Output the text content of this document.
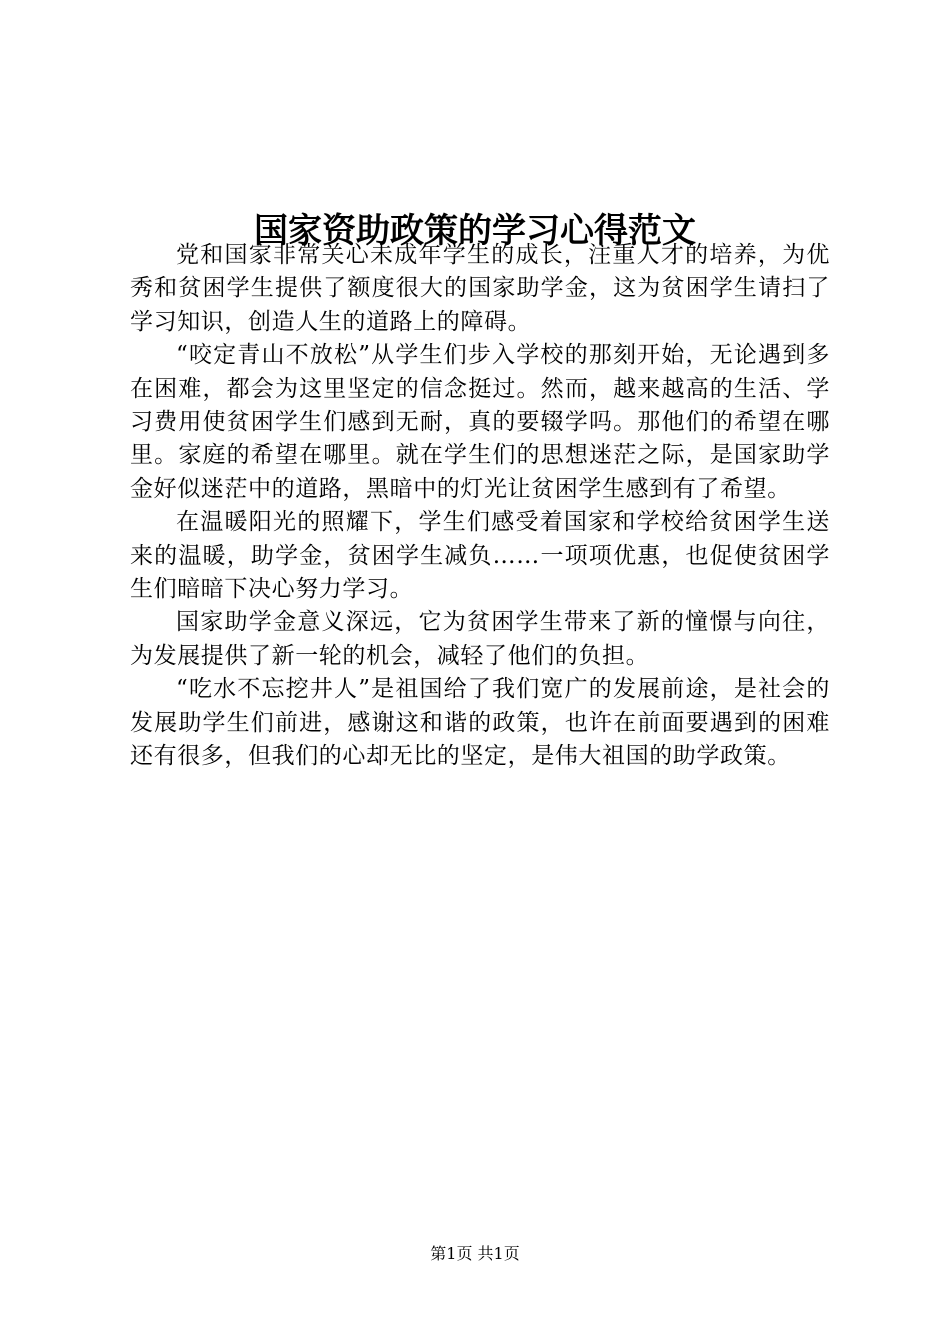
国家资助政策的学习心得范文

党和国家非常关心未成年学生的成长，注重人才的培养，为优秀和贫困学生提供了额度很大的国家助学金，这为贫困学生请扫了学习知识，创造人生的道路上的障碍。

“咬定青山不放松”从学生们步入学校的那刻开始，无论遇到多在困难，都会为这里坚定的信念挺过。然而，越来越高的生活、学习费用使贫困学生们感到无耐，真的要辍学吗。那他们的希望在哪里。家庭的希望在哪里。就在学生们的思想迷茫之际，是国家助学金好似迷茫中的道路，黑暗中的灯光让贫困学生感到有了希望。

在温暖阳光的照耀下，学生们感受着国家和学校给贫困学生送来的温暖，助学金，贫困学生减负……一项项优惠，也促使贫困学生们暗暗下决心努力学习。

国家助学金意义深远，它为贫困学生带来了新的憧憬与向往，为发展提供了新一轮的机会，减轻了他们的负担。

“吃水不忘挖井人”是祖国给了我们宽广的发展前途，是社会的发展助学生们前进，感谢这和谐的政策，也许在前面要遇到的困难还有很多，但我们的心却无比的坚定，是伟大祖国的助学政策。

第1页 共1页
